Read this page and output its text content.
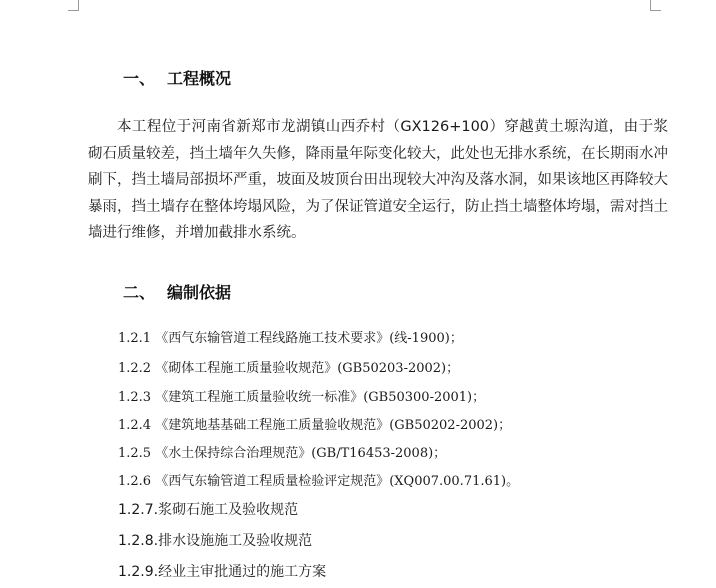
一、 工程概况
本工程位于河南省新郑市龙湖镇山西乔村（GX126+100）穿越黄土塬沟道，由于浆砌石质量较差，挡土墙年久失修，降雨量年际变化较大，此处也无排水系统，在长期雨水冲刷下，挡土墙局部损坏严重，坡面及坡顶台田出现较大冲沟及落水洞，如果该地区再降较大暴雨，挡土墙存在整体垮塌风险，为了保证管道安全运行，防止挡土墙整体垮塌，需对挡土墙进行维修，并增加截排水系统。
二、 编制依据
1.2.1 《西气东输管道工程线路施工技术要求》(线-1900)；
1.2.2 《砌体工程施工质量验收规范》(GB50203-2002)；
1.2.3 《建筑工程施工质量验收统一标准》(GB50300-2001)；
1.2.4 《建筑地基基础工程施工质量验收规范》(GB50202-2002)；
1.2.5 《水土保持综合治理规范》(GB/T16453-2008)；
1.2.6 《西气东输管道工程质量检验评定规范》(XQ007.00.71.61)。
1.2.7.浆砌石施工及验收规范
1.2.8.排水设施施工及验收规范
1.2.9.经业主审批通过的施工方案
